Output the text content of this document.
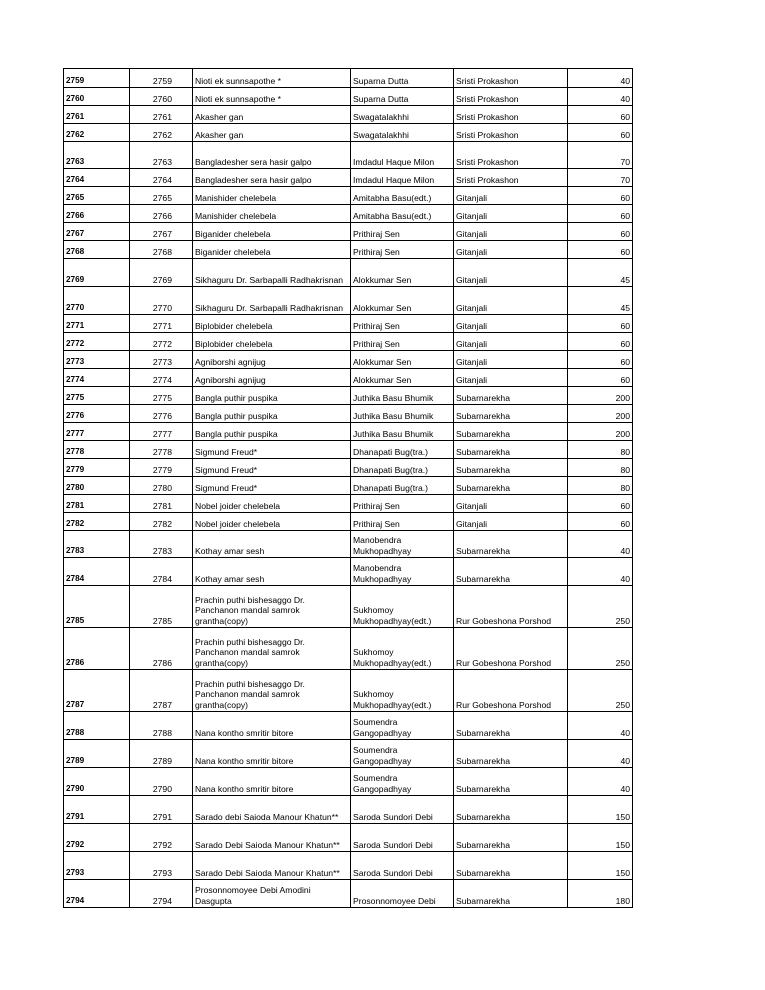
2759	2759	Nioti ek sunnsapothe *	Suparna Dutta	Sristi Prokashon	40
2760	2760	Nioti ek sunnsapothe *	Suparna Dutta	Sristi Prokashon	40
2761	2761	Akasher gan	Swagatalakhhi	Sristi Prokashon	60
2762	2762	Akasher gan	Swagatalakhhi	Sristi Prokashon	60
2763	2763	Bangladesher sera hasir galpo	Imdadul Haque Milon	Sristi Prokashon	70
2764	2764	Bangladesher sera hasir galpo	Imdadul Haque Milon	Sristi Prokashon	70
2765	2765	Manishider chelebela	Amitabha Basu(edt.)	Gitanjali	60
2766	2766	Manishider chelebela	Amitabha Basu(edt.)	Gitanjali	60
2767	2767	Biganider chelebela	Prithiraj Sen	Gitanjali	60
2768	2768	Biganider chelebela	Prithiraj Sen	Gitanjali	60
2769	2769	Sikhaguru Dr. Sarbapalli Radhakrisnan	Alokkumar Sen	Gitanjali	45
2770	2770	Sikhaguru Dr. Sarbapalli Radhakrisnan	Alokkumar Sen	Gitanjali	45
2771	2771	Biplobider chelebela	Prithiraj Sen	Gitanjali	60
2772	2772	Biplobider chelebela	Prithiraj Sen	Gitanjali	60
2773	2773	Agniborshi agnijug	Alokkumar Sen	Gitanjali	60
2774	2774	Agniborshi agnijug	Alokkumar Sen	Gitanjali	60
2775	2775	Bangla puthir puspika	Juthika Basu Bhumik	Subarnarekha	200
2776	2776	Bangla puthir puspika	Juthika Basu Bhumik	Subarnarekha	200
2777	2777	Bangla puthir puspika	Juthika Basu Bhumik	Subarnarekha	200
2778	2778	Sigmund Freud*	Dhanapati Bug(tra.)	Subarnarekha	80
2779	2779	Sigmund Freud*	Dhanapati Bug(tra.)	Subarnarekha	80
2780	2780	Sigmund Freud*	Dhanapati Bug(tra.)	Subarnarekha	80
2781	2781	Nobel joider chelebela	Prithiraj Sen	Gitanjali	60
2782	2782	Nobel joider chelebela	Prithiraj Sen	Gitanjali	60
2783	2783	Kothay amar sesh	Manobendra Mukhopadhyay	Subarnarekha	40
2784	2784	Kothay amar sesh	Manobendra Mukhopadhyay	Subarnarekha	40
2785	2785	Prachin puthi bishesaggo Dr. Panchanon mandal samrok grantha(copy)	Sukhomoy Mukhopadhyay(edt.)	Rur Gobeshona Porshod	250
2786	2786	Prachin puthi bishesaggo Dr. Panchanon mandal samrok grantha(copy)	Sukhomoy Mukhopadhyay(edt.)	Rur Gobeshona Porshod	250
2787	2787	Prachin puthi bishesaggo Dr. Panchanon mandal samrok grantha(copy)	Sukhomoy Mukhopadhyay(edt.)	Rur Gobeshona Porshod	250
2788	2788	Nana kontho smritir bitore	Soumendra Gangopadhyay	Subarnarekha	40
2789	2789	Nana kontho smritir bitore	Soumendra Gangopadhyay	Subarnarekha	40
2790	2790	Nana kontho smritir bitore	Soumendra Gangopadhyay	Subarnarekha	40
2791	2791	Sarado debi Saioda Manour Khatun**	Saroda Sundori Debi	Subarnarekha	150
2792	2792	Sarado Debi Saioda Manour Khatun**	Saroda Sundori Debi	Subarnarekha	150
2793	2793	Sarado Debi Saioda Manour Khatun**	Saroda Sundori Debi	Subarnarekha	150
2794	2794	Prosonnomoyee Debi Amodini Dasgupta	Prosonnomoyee Debi	Subarnarekha	180
